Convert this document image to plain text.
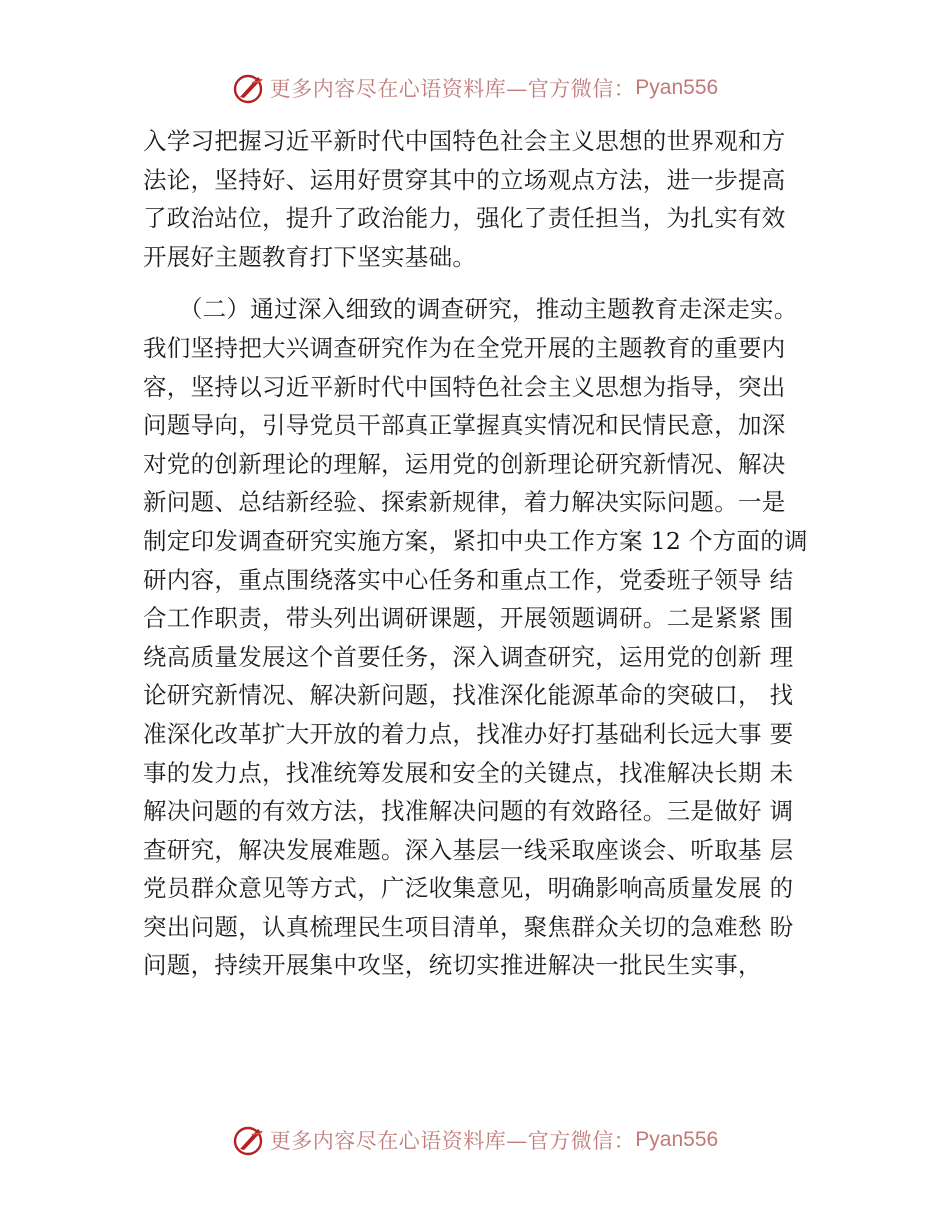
更多内容尽在心语资料库—官方微信： Pyan556
入学习把握习近平新时代中国特色社会主义思想的世界观和方
法论，坚持好、运用好贯穿其中的立场观点方法，进一步提高
了政治站位，提升了政治能力，强化了责任担当，为扎实有效
开展好主题教育打下坚实基础。
　　（二）通过深入细致的调查研究，推动主题教育走深走实。
我们坚持把大兴调查研究作为在全党开展的主题教育的重要内
容，坚持以习近平新时代中国特色社会主义思想为指导，突出
问题导向，引导党员干部真正掌握真实情况和民情民意，加深
对党的创新理论的理解，运用党的创新理论研究新情况、解决
新问题、总结新经验、探索新规律，着力解决实际问题。一是
制定印发调查研究实施方案，紧扣中央工作方案 12 个方面的调
研内容，重点围绕落实中心任务和重点工作，党委班子领导 结
合工作职责，带头列出调研课题，开展领题调研。二是紧紧 围
绕高质量发展这个首要任务，深入调查研究，运用党的创新 理
论研究新情况、解决新问题，找准深化能源革命的突破口， 找
准深化改革扩大开放的着力点，找准办好打基础利长远大事 要
事的发力点，找准统筹发展和安全的关键点，找准解决长期 未
解决问题的有效方法，找准解决问题的有效路径。三是做好 调
查研究，解决发展难题。深入基层一线采取座谈会、听取基 层
党员群众意见等方式，广泛收集意见，明确影响高质量发展 的
突出问题，认真梳理民生项目清单，聚焦群众关切的急难愁 盼
问题，持续开展集中攻坚，统切实推进解决一批民生实事，
更多内容尽在心语资料库—官方微信： Pyan556
